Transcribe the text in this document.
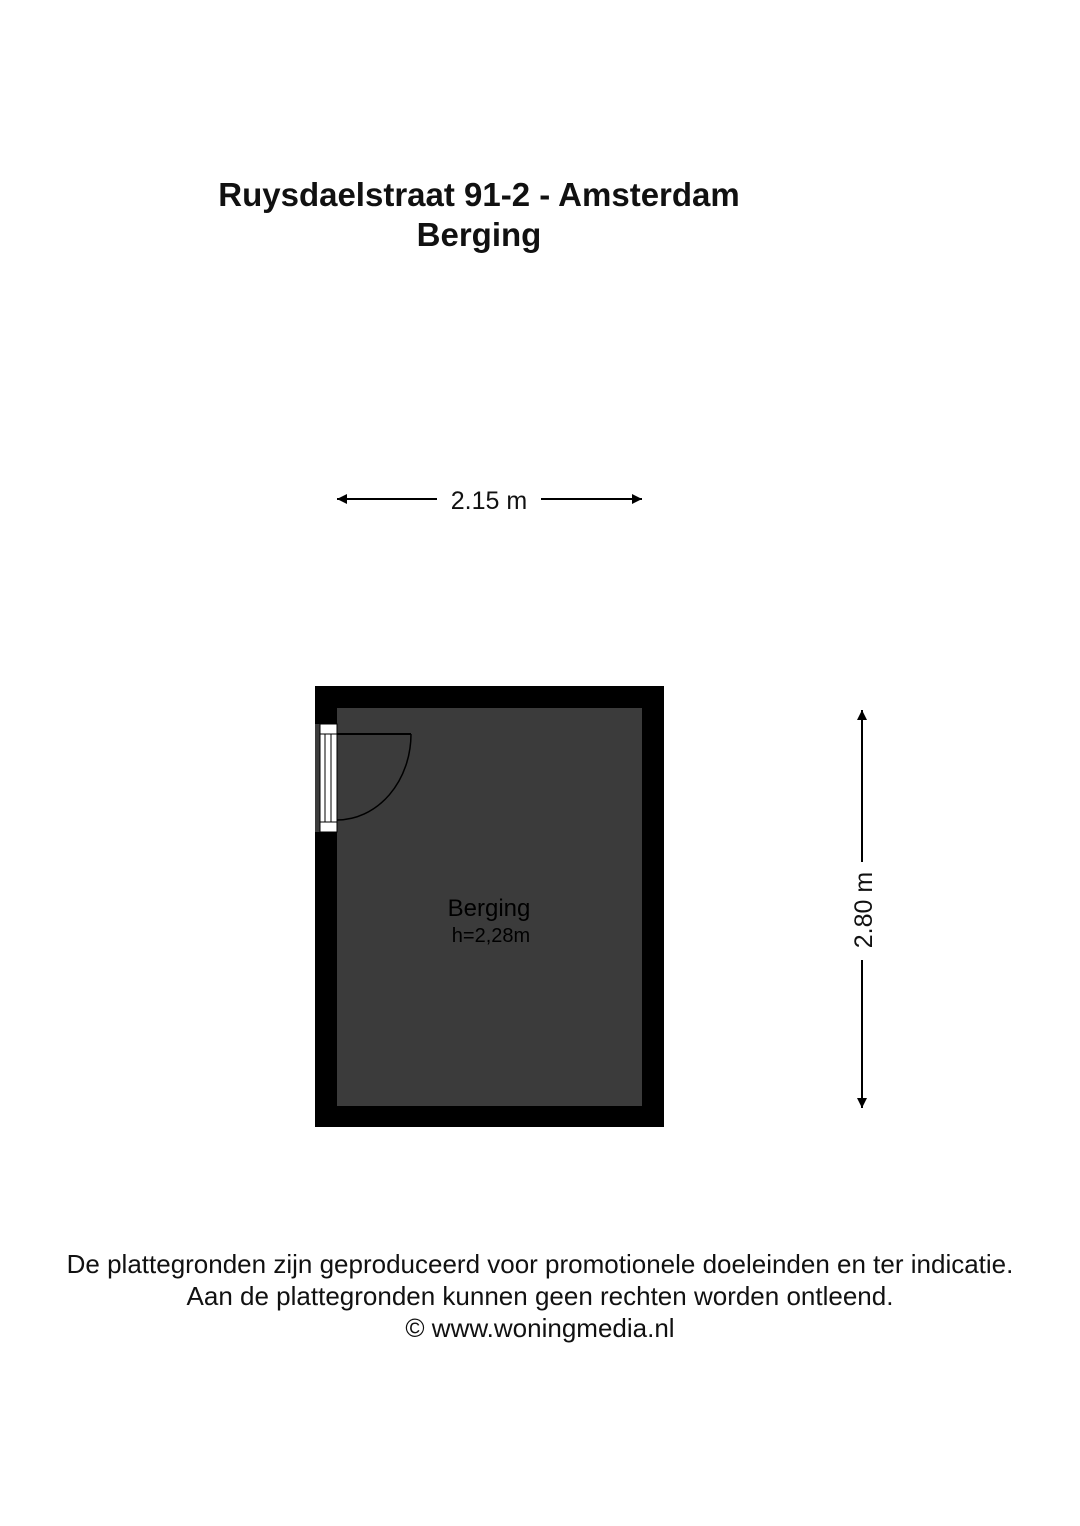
Ruysdaelstraat 91-2 - Amsterdam
Berging
2.15 m
2.80 m
Berging
h=2,28m
De plattegronden zijn geproduceerd voor promotionele doeleinden en ter indicatie.
Aan de plattegronden kunnen geen rechten worden ontleend.
© www.woningmedia.nl
